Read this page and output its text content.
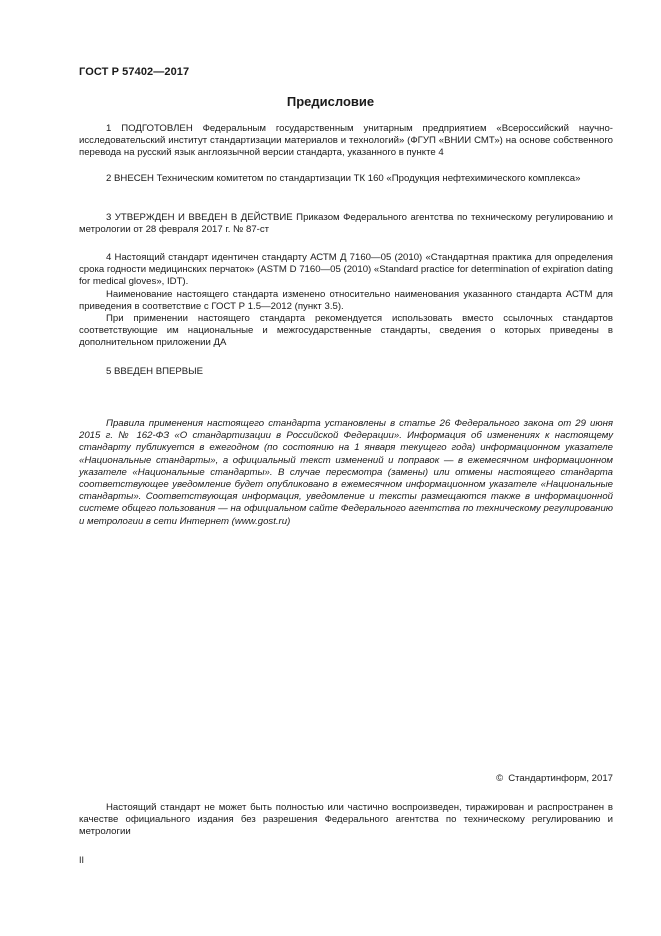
ГОСТ Р 57402—2017
Предисловие

1 ПОДГОТОВЛЕН Федеральным государственным унитарным предприятием «Всероссийский научно-исследовательский институт стандартизации материалов и технологий» (ФГУП «ВНИИ СМТ») на основе собственного перевода на русский язык англоязычной версии стандарта, указанного в пункте 4

2 ВНЕСЕН Техническим комитетом по стандартизации ТК 160 «Продукция нефтехимического комплекса»

3 УТВЕРЖДЕН И ВВЕДЕН В ДЕЙСТВИЕ Приказом Федерального агентства по техническому регулированию и метрологии от 28 февраля 2017 г. № 87-ст

4 Настоящий стандарт идентичен стандарту АСТМ Д 7160—05 (2010) «Стандартная практика для определения срока годности медицинских перчаток» (ASTM D 7160—05 (2010) «Standard practice for determination of expiration dating for medical gloves», IDT).

Наименование настоящего стандарта изменено относительно наименования указанного стандарта АСТМ для приведения в соответствие с ГОСТ Р 1.5—2012 (пункт 3.5).

При применении настоящего стандарта рекомендуется использовать вместо ссылочных стандартов соответствующие им национальные и межгосударственные стандарты, сведения о которых приведены в дополнительном приложении ДА

5 ВВЕДЕН ВПЕРВЫЕ

Правила применения настоящего стандарта установлены в статье 26 Федерального закона от 29 июня 2015 г. № 162-ФЗ «О стандартизации в Российской Федерации». Информация об изменениях к настоящему стандарту публикуется в ежегодном (по состоянию на 1 января текущего года) информационном указателе «Национальные стандарты», а официальный текст изменений и поправок — в ежемесячном информационном указателе «Национальные стандарты». В случае пересмотра (замены) или отмены настоящего стандарта соответствующее уведомление будет опубликовано в ежемесячном информационном указателе «Национальные стандарты». Соответствующая информация, уведомление и тексты размещаются также в информационной системе общего пользования — на официальном сайте Федерального агентства по техническому регулированию и метрологии в сети Интернет (www.gost.ru)

© Стандартинформ, 2017

Настоящий стандарт не может быть полностью или частично воспроизведен, тиражирован и распространен в качестве официального издания без разрешения Федерального агентства по техническому регулированию и метрологии

II
